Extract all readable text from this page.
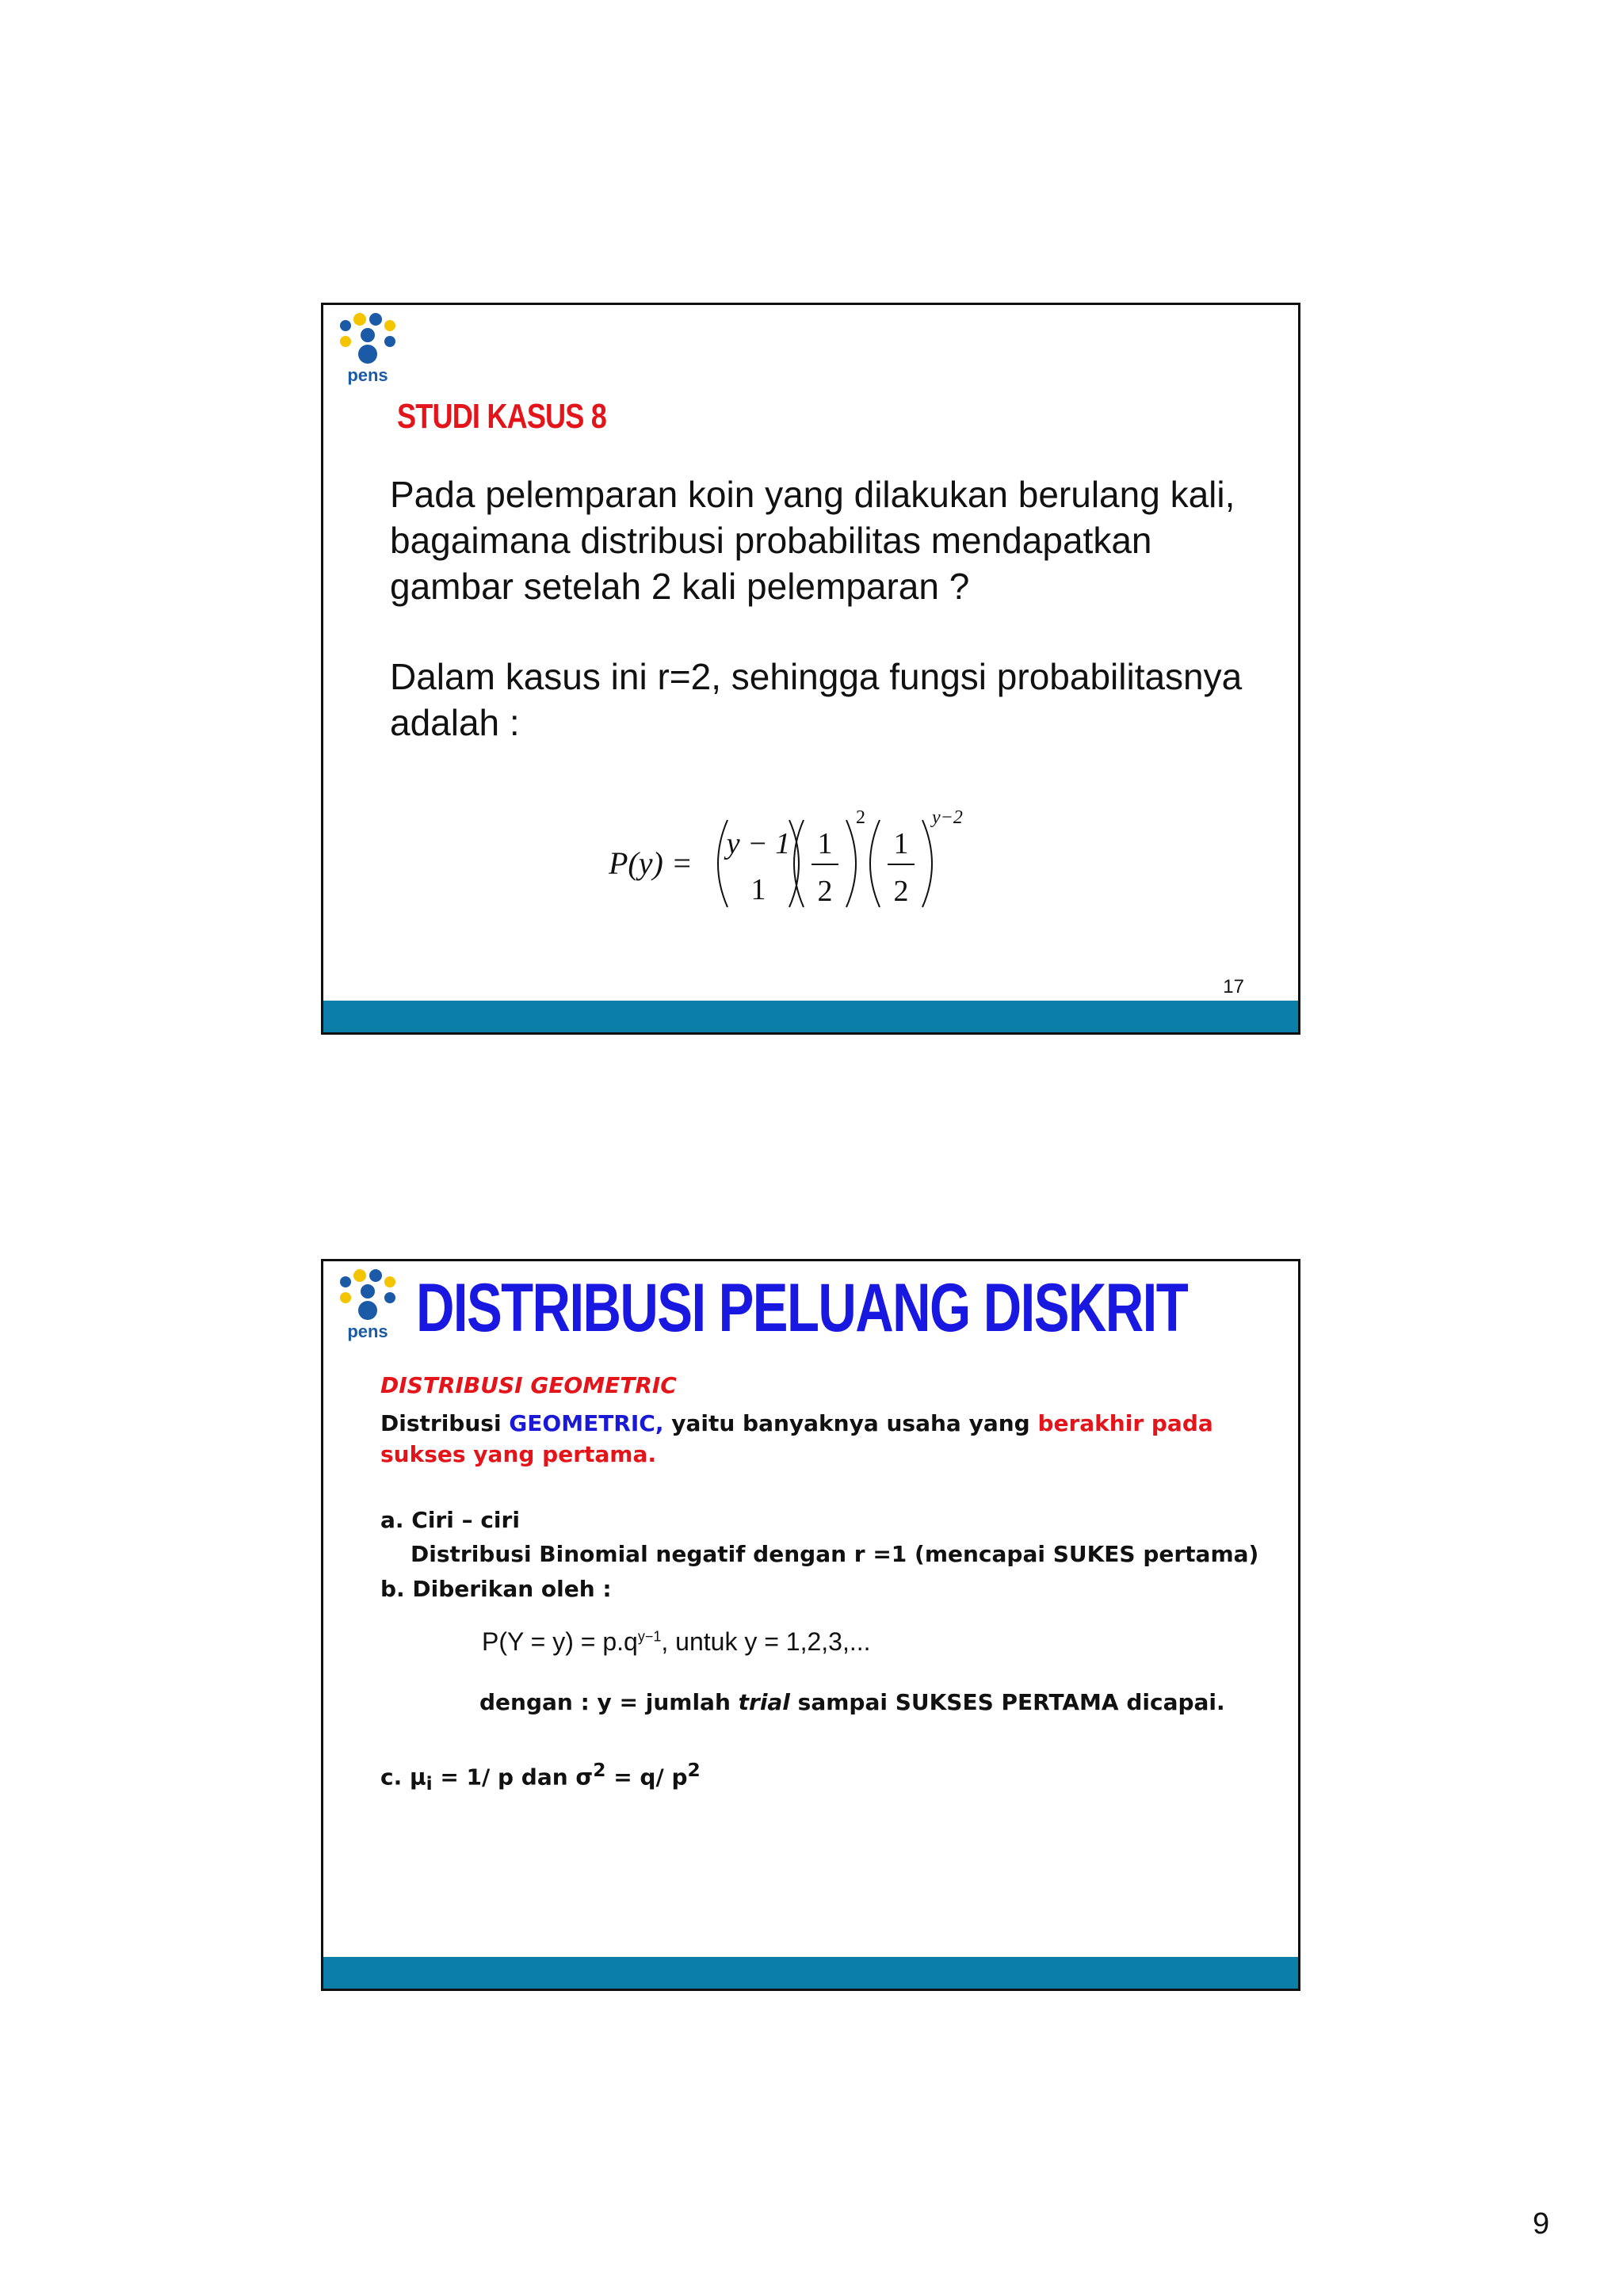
pens
STUDI KASUS 8

Pada pelemparan koin yang dilakukan berulang kali, bagaimana distribusi probabilitas mendapatkan gambar setelah 2 kali pelemparan ?

Dalam kasus ini r=2, sehingga fungsi probabilitasnya adalah :

P(y) =
y − 1
1
1
2
2
1
2
y−2
17
pens DISTRIBUSI PELUANG DISKRIT

DISTRIBUSI GEOMETRIC

Distribusi GEOMETRIC, yaitu banyaknya usaha yang berakhir pada sukses yang pertama.

a. Ciri – ciri

Distribusi Binomial negatif dengan r =1 (mencapai SUKES pertama)

b. Diberikan oleh :

$P(Y = y) = p.q^{y-1}$, untuk y = 1,2,3,...

dengan : y = jumlah trial sampai SUKSES PERTAMA dicapai.

c. $\mu_i = 1/$ p dan $\sigma^2 = q/$ $p^2$

9
